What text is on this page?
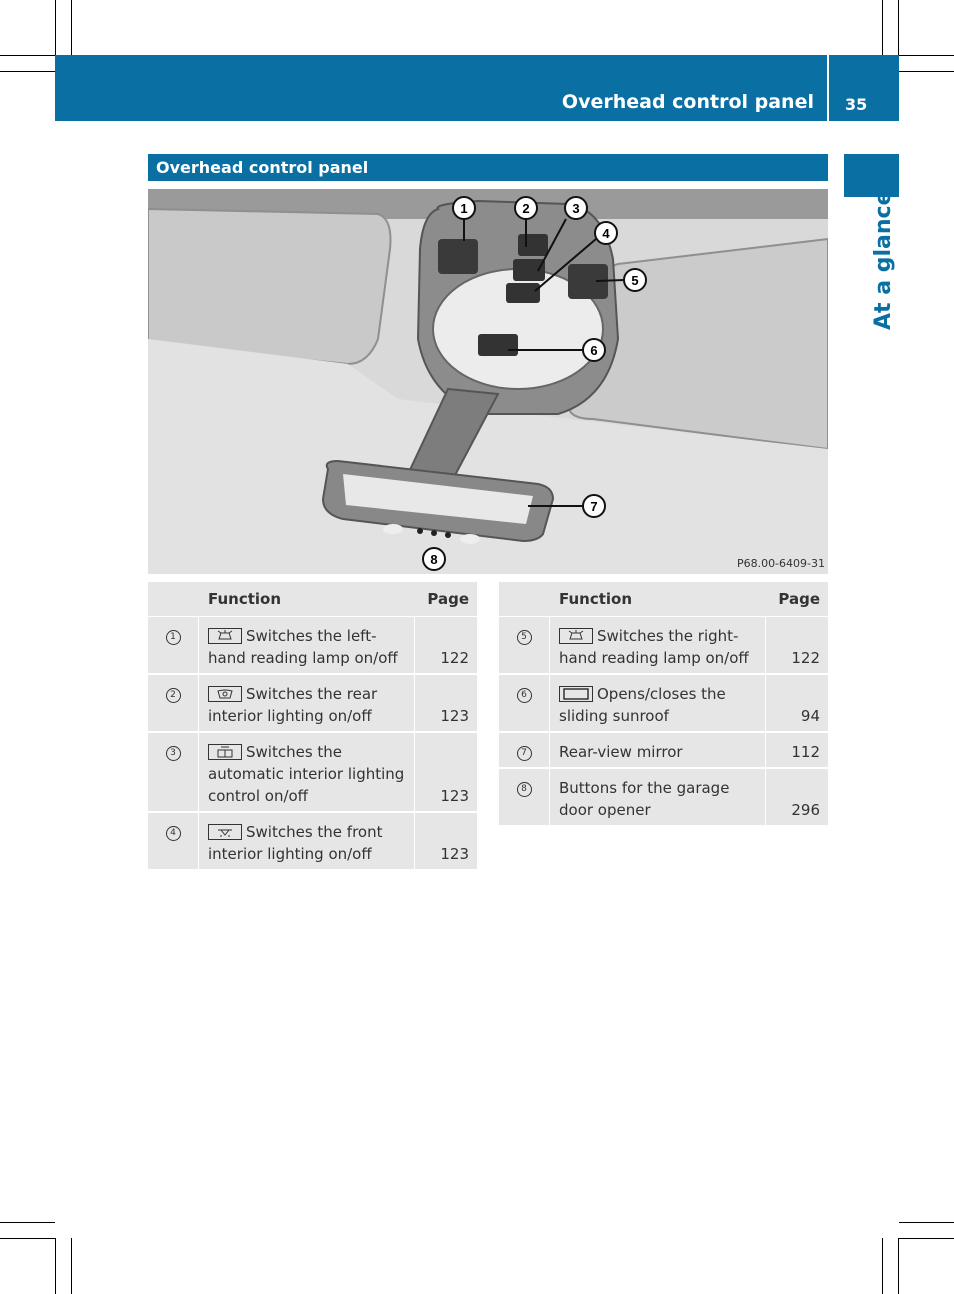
Overhead control panel 35
At a glance
Overhead control panel
1	2	3
4
5
6
7
8	P68.00-6409-31
	Function	Page
1	Switches the left-hand reading lamp on/off	122
2	Switches the rear interior lighting on/off	123
3	Switches the automatic interior lighting control on/off	123
4	Switches the front interior lighting on/off	123
	Function	Page
5	Switches the right-hand reading lamp on/off	122
6	Opens/closes the sliding sunroof	94
7	Rear-view mirror	112
8	Buttons for the garage door opener	296
